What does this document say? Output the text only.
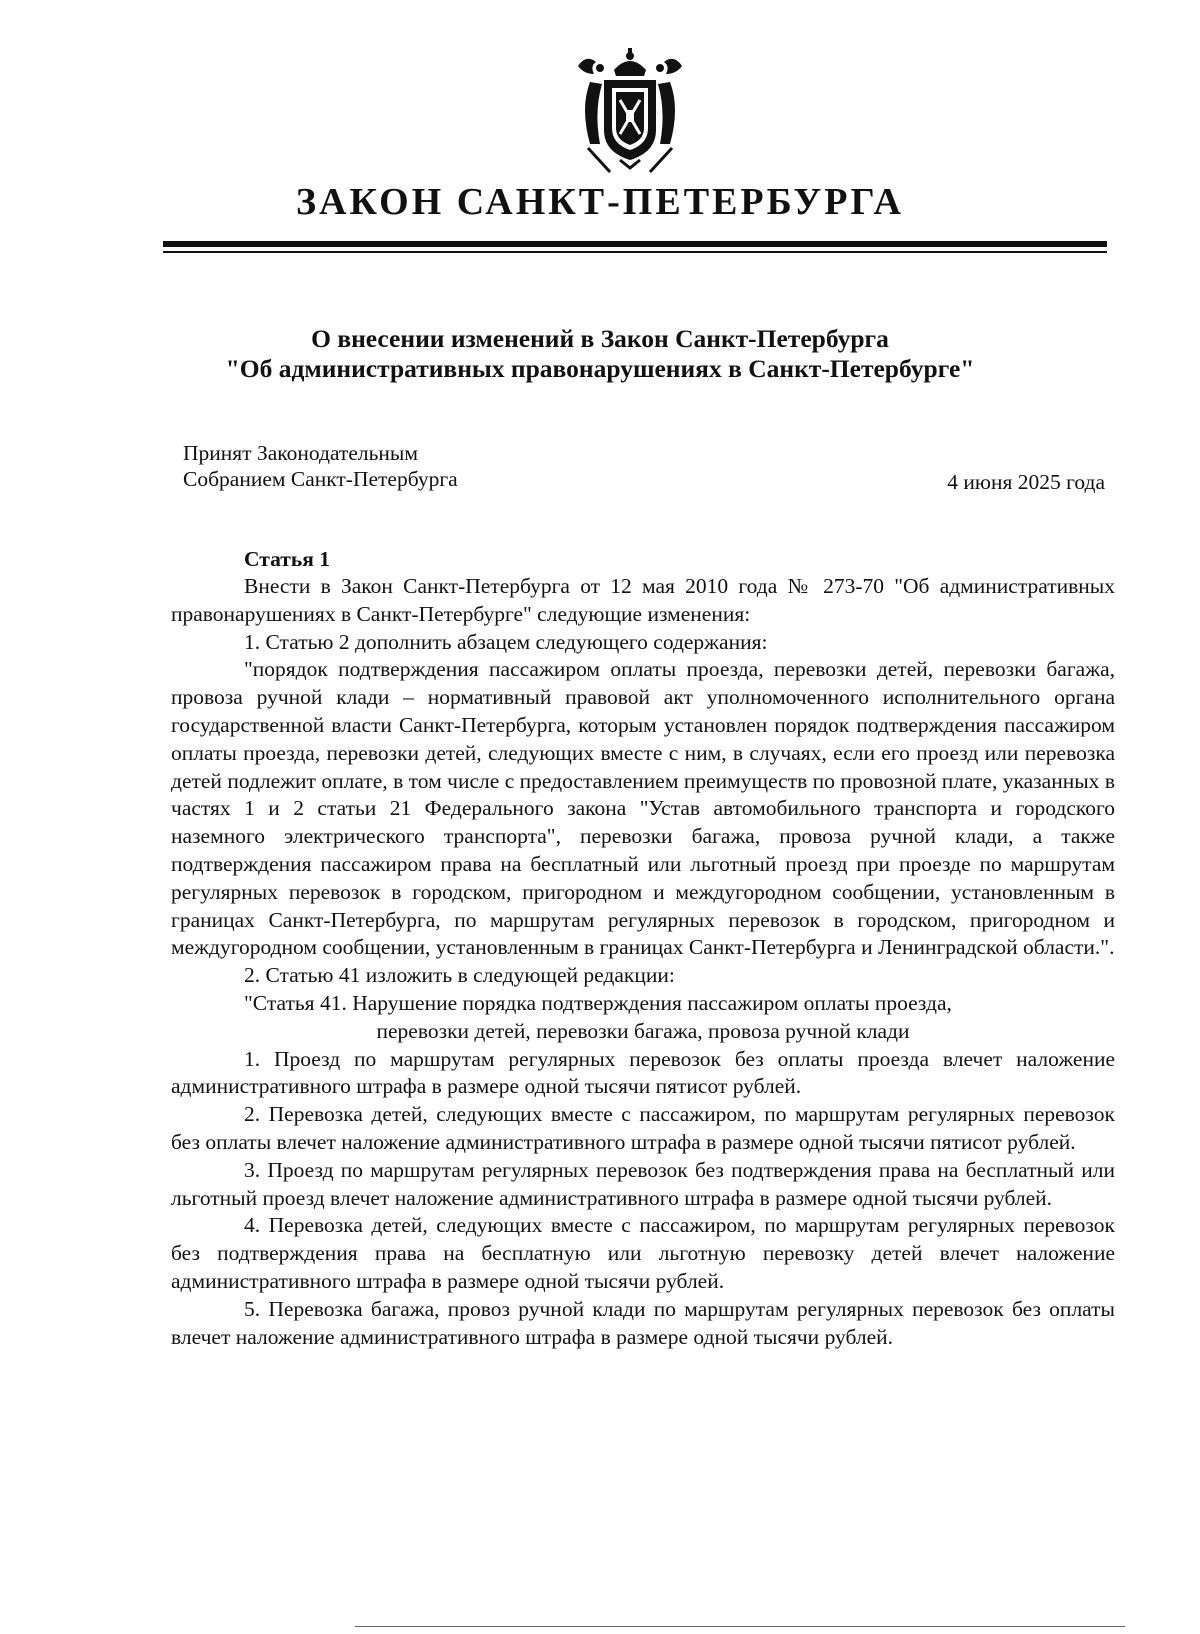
ЗАКОН САНКТ-ПЕТЕРБУРГА
О внесении изменений в Закон Санкт-Петербурга
"Об административных правонарушениях в Санкт-Петербурге"
Принят Законодательным
Собранием Санкт-Петербурга	4 июня 2025 года
Статья 1

Внести в Закон Санкт-Петербурга от 12 мая 2010 года № 273-70 "Об административных правонарушениях в Санкт-Петербурге" следующие изменения:

1. Статью 2 дополнить абзацем следующего содержания:

"порядок подтверждения пассажиром оплаты проезда, перевозки детей, перевозки багажа, провоза ручной клади – нормативный правовой акт уполномоченного исполнительного органа государственной власти Санкт-Петербурга, которым установлен порядок подтверждения пассажиром оплаты проезда, перевозки детей, следующих вместе с ним, в случаях, если его проезд или перевозка детей подлежит оплате, в том числе с предоставлением преимуществ по провозной плате, указанных в частях 1 и 2 статьи 21 Федерального закона "Устав автомобильного транспорта и городского наземного электрического транспорта", перевозки багажа, провоза ручной клади, а также подтверждения пассажиром права на бесплатный или льготный проезд при проезде по маршрутам регулярных перевозок в городском, пригородном и междугородном сообщении, установленным в границах Санкт-Петербурга, по маршрутам регулярных перевозок в городском, пригородном и междугородном сообщении, установленным в границах Санкт-Петербурга и Ленинградской области.".

2. Статью 41 изложить в следующей редакции:

"Статья 41. Нарушение порядка подтверждения пассажиром оплаты проезда,

перевозки детей, перевозки багажа, провоза ручной клади

1. Проезд по маршрутам регулярных перевозок без оплаты проезда влечет наложение административного штрафа в размере одной тысячи пятисот рублей.

2. Перевозка детей, следующих вместе с пассажиром, по маршрутам регулярных перевозок без оплаты влечет наложение административного штрафа в размере одной тысячи пятисот рублей.

3. Проезд по маршрутам регулярных перевозок без подтверждения права на бесплатный или льготный проезд влечет наложение административного штрафа в размере одной тысячи рублей.

4. Перевозка детей, следующих вместе с пассажиром, по маршрутам регулярных перевозок без подтверждения права на бесплатную или льготную перевозку детей влечет наложение административного штрафа в размере одной тысячи рублей.

5. Перевозка багажа, провоз ручной клади по маршрутам регулярных перевозок без оплаты влечет наложение административного штрафа в размере одной тысячи рублей.
